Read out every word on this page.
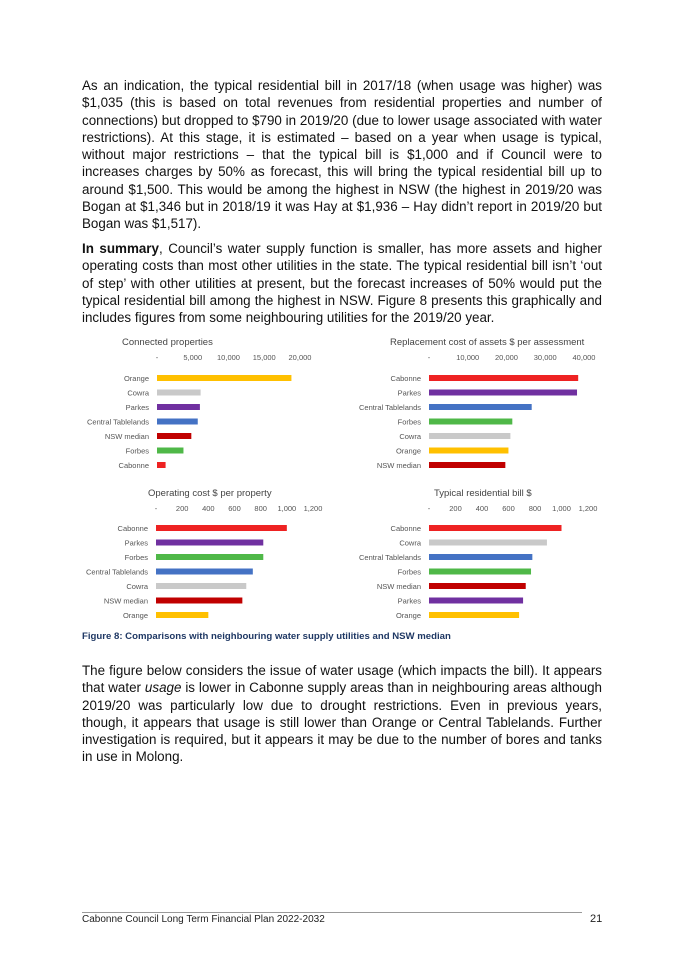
As an indication, the typical residential bill in 2017/18 (when usage was higher) was $1,035 (this is based on total revenues from residential properties and number of connections) but dropped to $790 in 2019/20 (due to lower usage associated with water restrictions). At this stage, it is estimated – based on a year when usage is typical, without major restrictions – that the typical bill is $1,000 and if Council were to increases charges by 50% as forecast, this will bring the typical residential bill up to around $1,500. This would be among the highest in NSW (the highest in 2019/20 was Bogan at $1,346 but in 2018/19 it was Hay at $1,936 – Hay didn’t report in 2019/20 but Bogan was $1,517).

In summary, Council’s water supply function is smaller, has more assets and higher operating costs than most other utilities in the state. The typical residential bill isn’t ‘out of step’ with other utilities at present, but the forecast increases of 50% would put the typical residential bill among the highest in NSW. Figure 8 presents this graphically and includes figures from some neighbouring utilities for the 2019/20 year.

Connected properties
-	5,000 10,000 15,000 20,000
Orange
Cowra
Parkes
Central Tablelands
NSW median
Forbes
Cabonne
Replacement cost of assets $ per assessment
-	10,000 20,000 30,000 40,000
Cabonne
Parkes
Central Tablelands
Forbes
Cowra
Orange
NSW median
Operating cost $ per property
- 200 400 600 800 1,000 1,200
Cabonne
Parkes
Forbes
Central Tablelands
Cowra
NSW median
Orange
Typical residential bill $
-	200 400 600 800 1,000 1,200
Cabonne
Cowra
Central Tablelands
Forbes
NSW median
Parkes
Orange

Figure 8: Comparisons with neighbouring water supply utilities and NSW median

The figure below considers the issue of water usage (which impacts the bill). It appears that water usage is lower in Cabonne supply areas than in neighbouring areas although 2019/20 was particularly low due to drought restrictions. Even in previous years, though, it appears that usage is still lower than Orange or Central Tablelands. Further investigation is required, but it appears it may be due to the number of bores and tanks in use in Molong.

Cabonne Council Long Term Financial Plan 2022-2032	21
